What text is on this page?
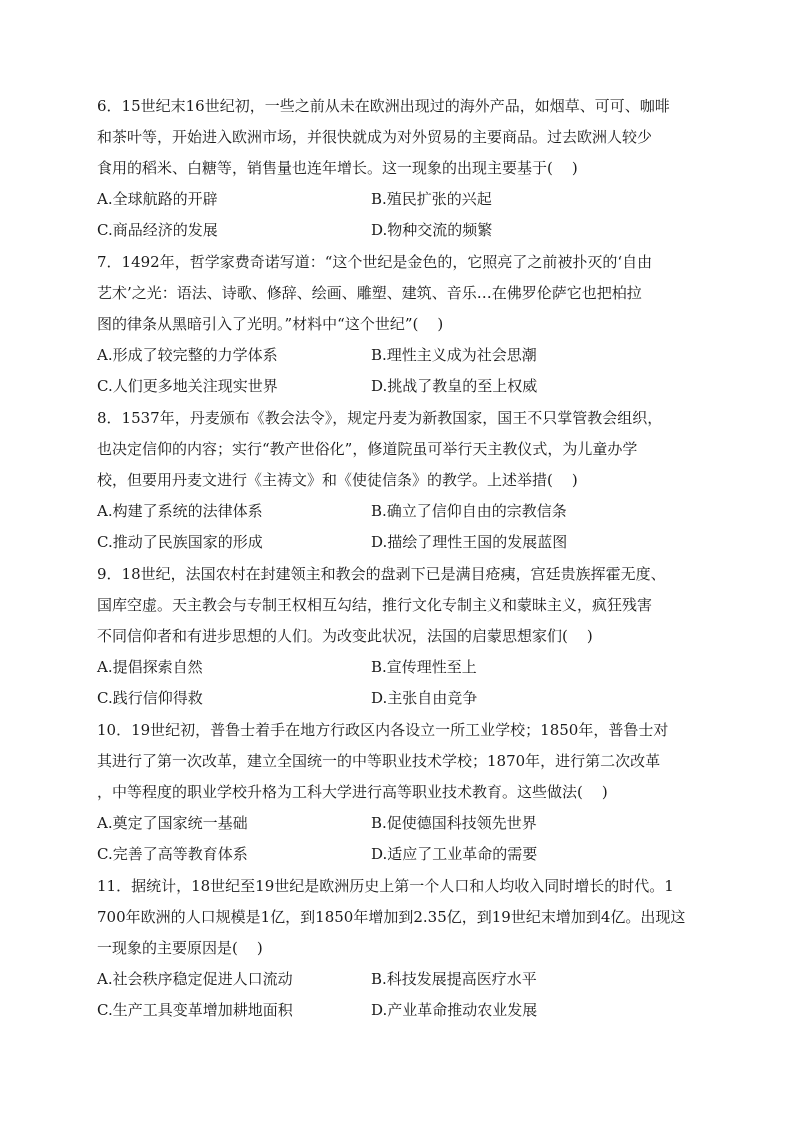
6．15世纪末16世纪初，一些之前从未在欧洲出现过的海外产品，如烟草、可可、咖啡
和茶叶等，开始进入欧洲市场，并很快就成为对外贸易的主要商品。过去欧洲人较少
食用的稻米、白糖等，销售量也连年增长。这一现象的出现主要基于(    )

A.全球航路的开辟	B.殖民扩张的兴起
C.商品经济的发展	D.物种交流的频繁

7．1492年，哲学家费奇诺写道：“这个世纪是金色的，它照亮了之前被扑灭的‘自由
艺术’之光：语法、诗歌、修辞、绘画、雕塑、建筑、音乐…在佛罗伦萨它也把柏拉
图的律条从黑暗引入了光明。”材料中“这个世纪”(    )

A.形成了较完整的力学体系	B.理性主义成为社会思潮
C.人们更多地关注现实世界	D.挑战了教皇的至上权威

8．1537年，丹麦颁布《教会法令》，规定丹麦为新教国家，国王不只掌管教会组织，
也决定信仰的内容；实行“教产世俗化”，修道院虽可举行天主教仪式，为儿童办学
校，但要用丹麦文进行《主祷文》和《使徒信条》的教学。上述举措(    )

A.构建了系统的法律体系	B.确立了信仰自由的宗教信条
C.推动了民族国家的形成	D.描绘了理性王国的发展蓝图

9．18世纪，法国农村在封建领主和教会的盘剥下已是满目疮痍，宫廷贵族挥霍无度、
国库空虚。天主教会与专制王权相互勾结，推行文化专制主义和蒙昧主义，疯狂残害
不同信仰者和有进步思想的人们。为改变此状况，法国的启蒙思想家们(    )

A.提倡探索自然	B.宣传理性至上
C.践行信仰得救	D.主张自由竞争

10．19世纪初，普鲁士着手在地方行政区内各设立一所工业学校；1850年，普鲁士对
其进行了第一次改革，建立全国统一的中等职业技术学校；1870年，进行第二次改革
，中等程度的职业学校升格为工科大学进行高等职业技术教育。这些做法(    )

A.奠定了国家统一基础	B.促使德国科技领先世界
C.完善了高等教育体系	D.适应了工业革命的需要

11．据统计，18世纪至19世纪是欧洲历史上第一个人口和人均收入同时增长的时代。1
700年欧洲的人口规模是1亿，到1850年增加到2.35亿，到19世纪末增加到4亿。出现这
一现象的主要原因是(    )

A.社会秩序稳定促进人口流动	B.科技发展提高医疗水平
C.生产工具变革增加耕地面积	D.产业革命推动农业发展
